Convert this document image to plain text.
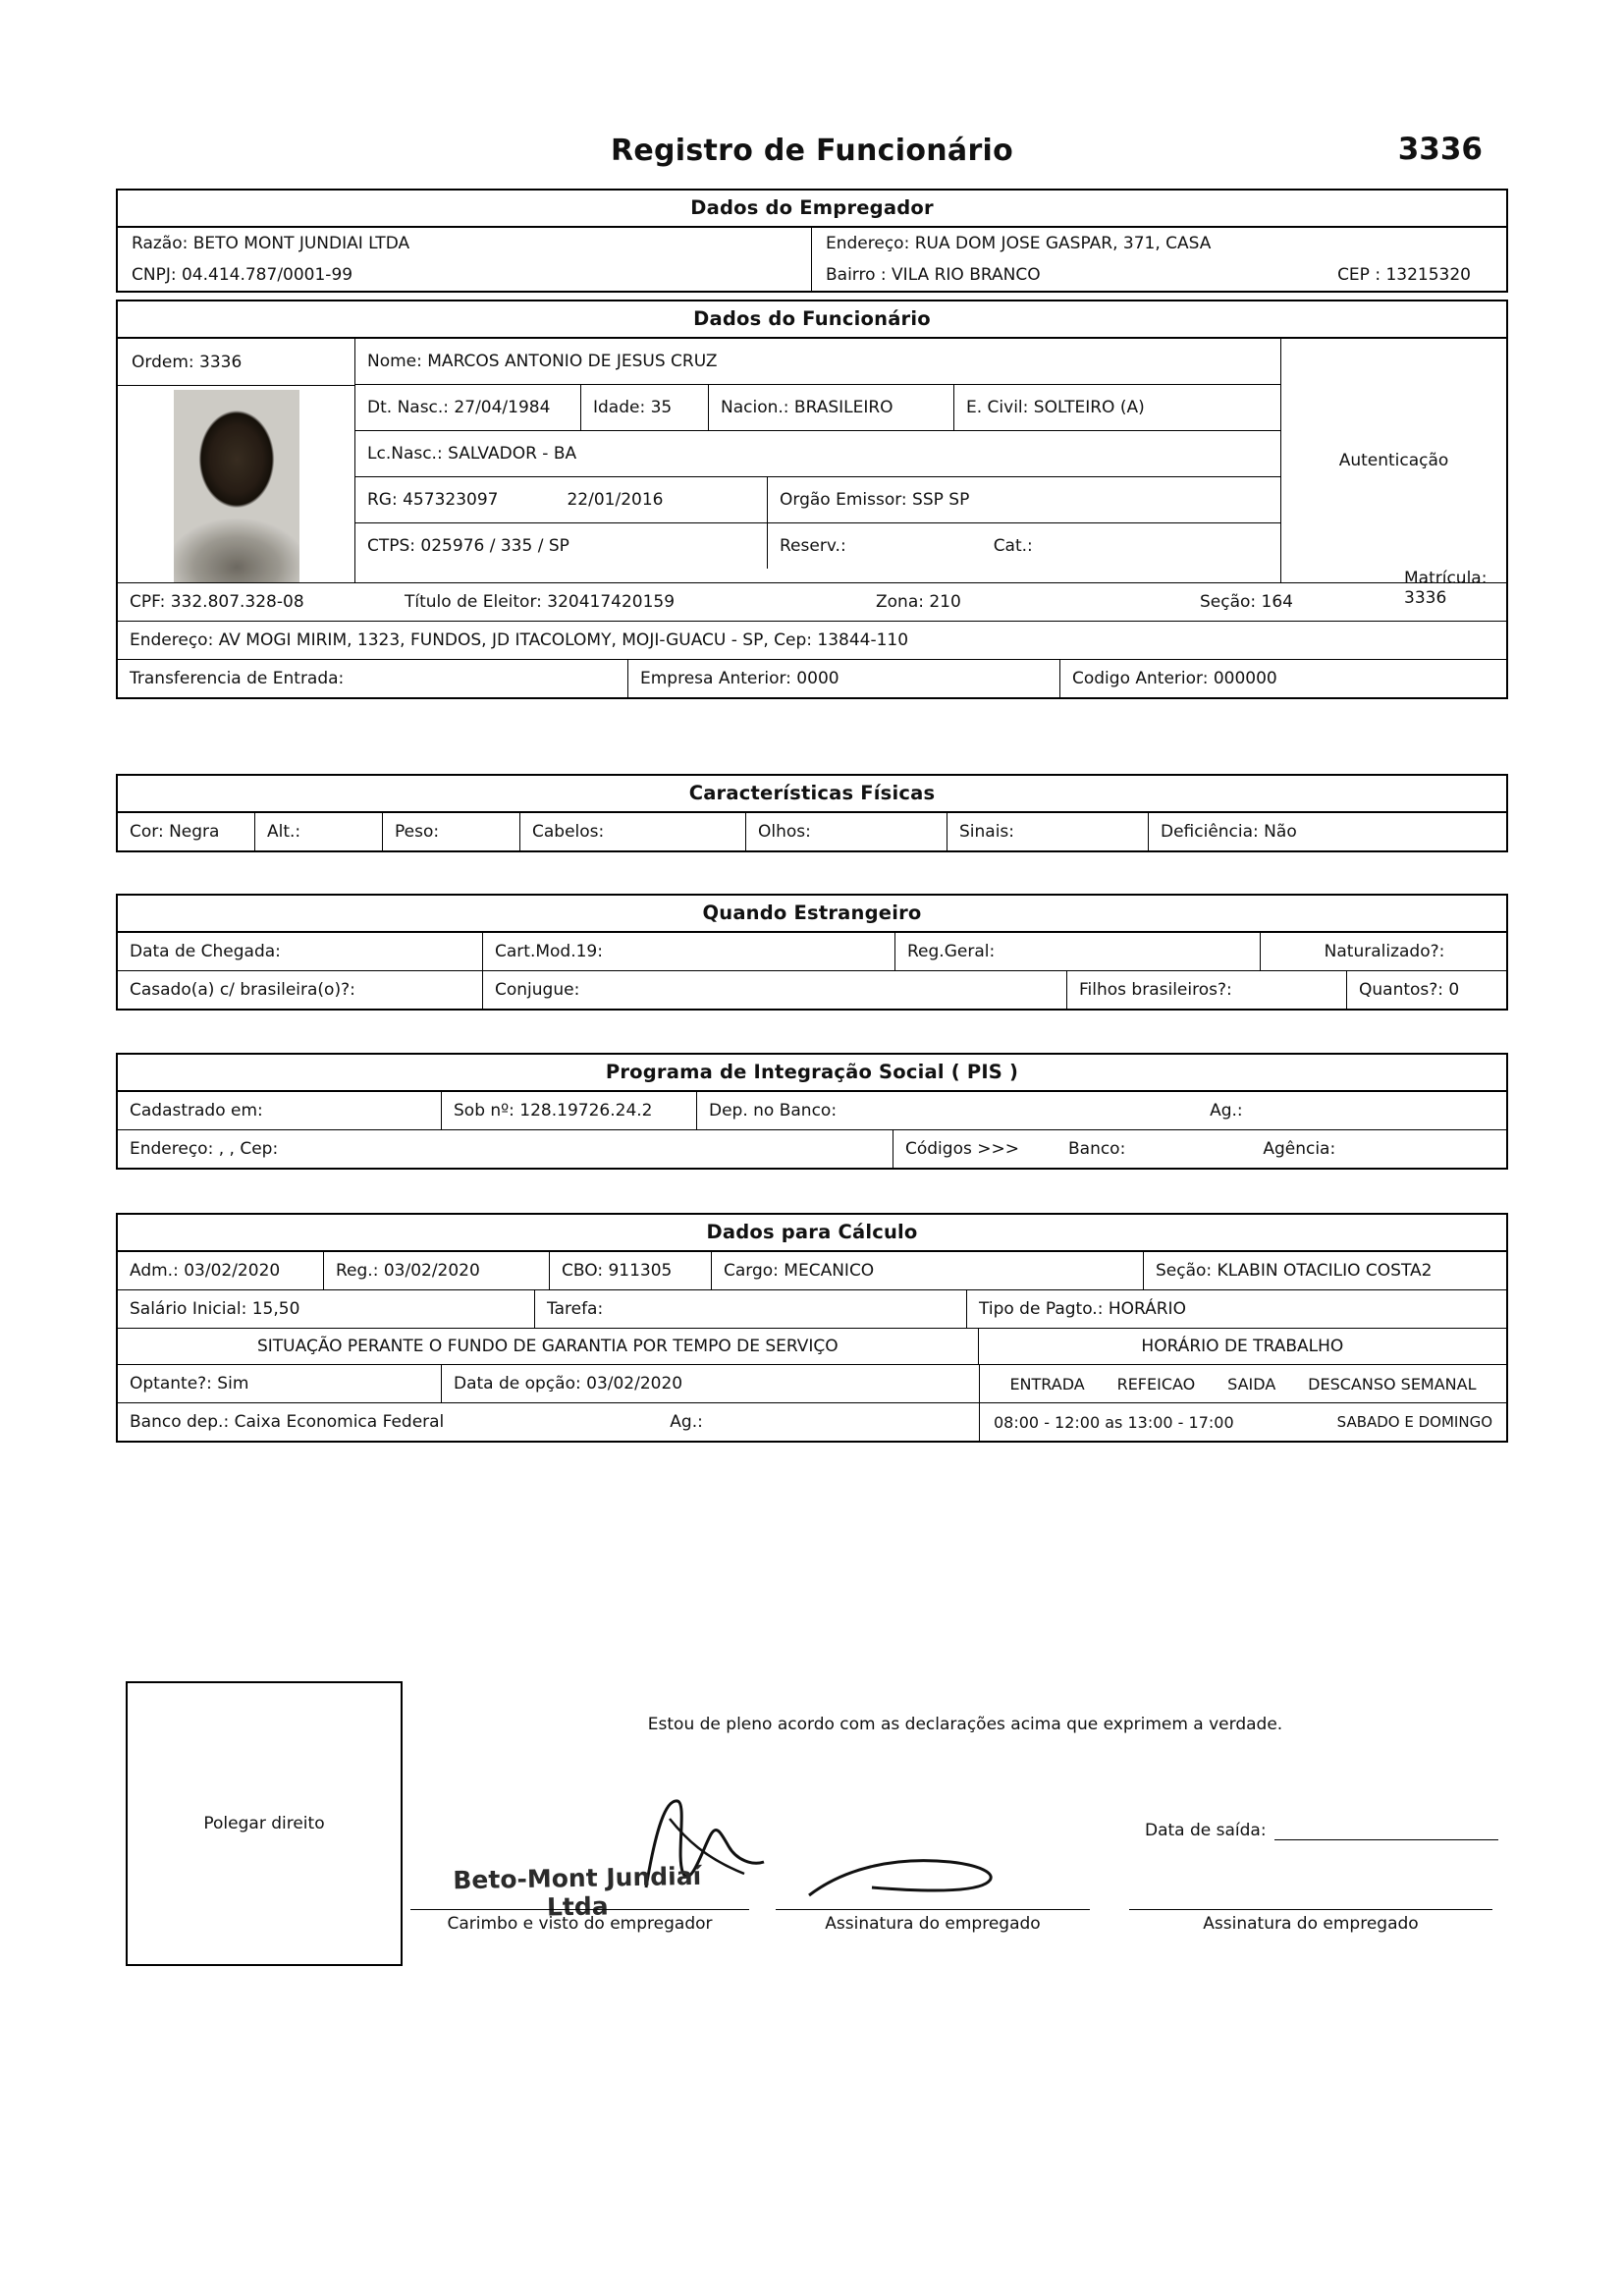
Registro de Funcionário	3336
Dados do Empregador
Razão: BETO MONT JUNDIAI LTDA
CNPJ: 04.414.787/0001-99
Endereço: RUA DOM JOSE GASPAR, 371, CASA
Bairro : VILA RIO BRANCO	CEP : 13215320
Dados do Funcionário
Ordem: 3336	Nome: MARCOS ANTONIO DE JESUS CRUZ
Dt. Nasc.: 27/04/1984	Idade: 35	Nacion.: BRASILEIRO	E. Civil: SOLTEIRO (A)
Lc.Nasc.: SALVADOR - BA
RG: 457323097	22/01/2016	Orgão Emissor: SSP SP
CTPS: 025976 / 335 / SP	Reserv.:	Cat.:
Matrícula: 3336
Autenticação
CPF: 332.807.328-08	Título de Eleitor: 320417420159	Zona: 210	Seção: 164
Endereço: AV MOGI MIRIM, 1323, FUNDOS, JD ITACOLOMY, MOJI-GUACU - SP, Cep: 13844-110
Transferencia de Entrada:	Empresa Anterior: 0000	Codigo Anterior: 000000
Características Físicas
Cor: Negra	Alt.:	Peso:	Cabelos:	Olhos:	Sinais:	Deficiência: Não
Quando Estrangeiro
Data de Chegada:	Cart.Mod.19:	Reg.Geral:	Naturalizado?:
Casado(a) c/ brasileira(o)?:	Conjugue:	Filhos brasileiros?:	Quantos?: 0
Programa de Integração Social ( PIS )
Cadastrado em:	Sob nº: 128.19726.24.2	Dep. no Banco:	Ag.:
Endereço: , , Cep:	Códigos >>>	Banco:	Agência:
Dados para Cálculo
Adm.: 03/02/2020	Reg.: 03/02/2020	CBO: 911305	Cargo: MECANICO	Seção: KLABIN OTACILIO COSTA2
Salário Inicial: 15,50	Tarefa:	Tipo de Pagto.: HORÁRIO
SITUAÇÃO PERANTE O FUNDO DE GARANTIA POR TEMPO DE SERVIÇO	HORÁRIO DE TRABALHO
Optante?: Sim	Data de opção: 03/02/2020	ENTRADA REFEICAO SAIDA DESCANSO SEMANAL
Banco dep.: Caixa Economica Federal	Ag.:	08:00 - 12:00 as 13:00 - 17:00	SABADO E DOMINGO
Polegar direito
Estou de pleno acordo com as declarações acima que exprimem a verdade.
Data de saída:
Beto-Mont Jundiaí Ltda
Carimbo e visto do empregador	Assinatura do empregado	Assinatura do empregado
